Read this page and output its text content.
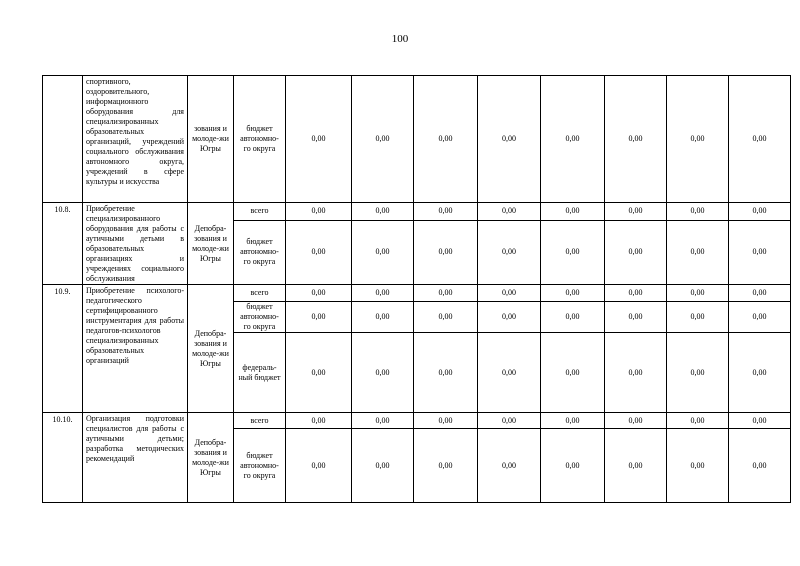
100
	спортивного, оздоровительного, информационного оборудования для специализированных образовательных организаций, учреждений социального обслуживания автономного округа, учреждений в сфере культуры и искусства	зования и молоде-жи Югры	бюджет автономно-го округа	0,00	0,00	0,00	0,00	0,00	0,00	0,00	0,00
10.8.	Приобретение специализированного оборудования для работы с аутичными детьми в образовательных организациях и учреждениях социального обслуживания	Депобра-зования и молоде-жи Югры	всего	0,00	0,00	0,00	0,00	0,00	0,00	0,00	0,00
			бюджет автономно-го округа	0,00	0,00	0,00	0,00	0,00	0,00	0,00	0,00
10.9.	Приобретение психолого-педагогического сертифицированного инструментария для работы педагогов-психологов специализированных образовательных организаций	Депобра-зования и молоде-жи Югры	всего	0,00	0,00	0,00	0,00	0,00	0,00	0,00	0,00
			бюджет автономно-го округа	0,00	0,00	0,00	0,00	0,00	0,00	0,00	0,00
			федераль-ный бюджет	0,00	0,00	0,00	0,00	0,00	0,00	0,00	0,00
10.10.	Организация подготовки специалистов для работы с аутичными детьми; разработка методических рекомендаций	Депобра-зования и молоде-жи Югры	всего	0,00	0,00	0,00	0,00	0,00	0,00	0,00	0,00
			бюджет автономно-го округа	0,00	0,00	0,00	0,00	0,00	0,00	0,00	0,00
